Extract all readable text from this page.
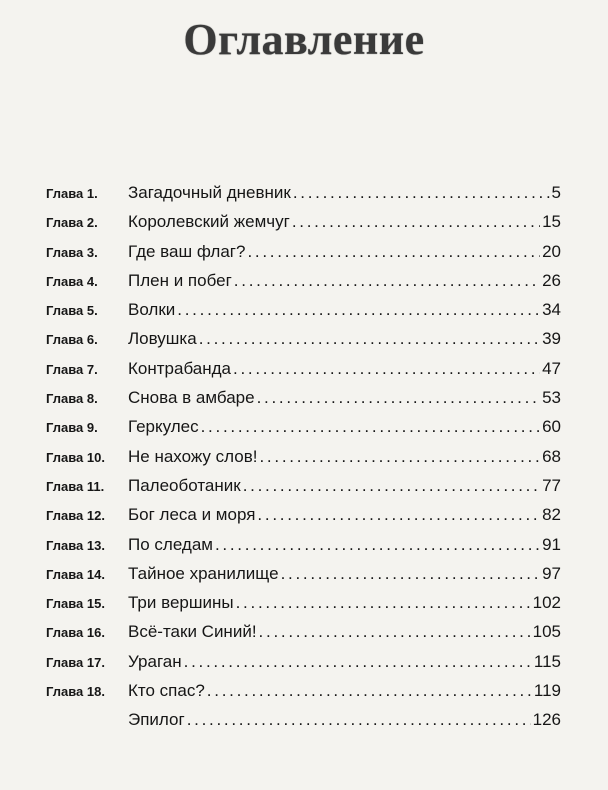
Оглавление
Глава 1.	Загадочный дневник . . .	5
Глава 2.	Королевский жемчуг . . .	15
Глава 3.	Где ваш флаг? . . .	20
Глава 4.	Плен и побег . . .	26
Глава 5.	Волки . . .	34
Глава 6.	Ловушка . . .	39
Глава 7.	Контрабанда . . .	47
Глава 8.	Снова в амбаре . . .	53
Глава 9.	Геркулес . . .	60
Глава 10.	Не нахожу слов! . . .	68
Глава 11.	Палеоботаник . . .	77
Глава 12.	Бог леса и моря . . .	82
Глава 13.	По следам . . .	91
Глава 14.	Тайное хранилище . . .	97
Глава 15.	Три вершины . . .	102
Глава 16.	Всё-таки Синий! . . .	105
Глава 17.	Ураган . . .	115
Глава 18.	Кто спас? . . .	119
Эпилог . . .	126
